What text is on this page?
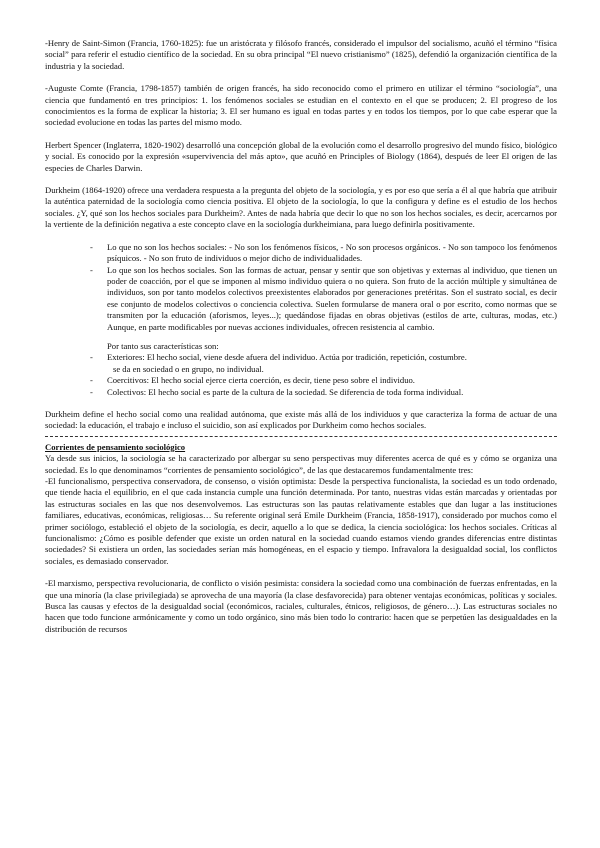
-Henry de Saint-Simon (Francia, 1760-1825): fue un aristócrata y filósofo francés, considerado el impulsor del socialismo, acuñó el término “física social” para referir el estudio científico de la sociedad. En su obra principal “El nuevo cristianismo” (1825), defendió la organización científica de la industria y la sociedad.

-Auguste Comte (Francia, 1798-1857) también de origen francés, ha sido reconocido como el primero en utilizar el término “sociología”, una ciencia que fundamentó en tres principios: 1. los fenómenos sociales se estudian en el contexto en el que se producen; 2. El progreso de los conocimientos es la forma de explicar la historia; 3. El ser humano es igual en todas partes y en todos los tiempos, por lo que cabe esperar que la sociedad evolucione en todas las partes del mismo modo.

Herbert Spencer (Inglaterra, 1820-1902) desarrolló una concepción global de la evolución como el desarrollo progresivo del mundo físico, biológico y social. Es conocido por la expresión «supervivencia del más apto», que acuñó en Principles of Biology (1864), después de leer El origen de las especies de Charles Darwin.

Durkheim (1864-1920) ofrece una verdadera respuesta a la pregunta del objeto de la sociología, y es por eso que sería a él al que habría que atribuir la auténtica paternidad de la sociología como ciencia positiva. El objeto de la sociología, lo que la configura y define es el estudio de los hechos sociales. ¿Y, qué son los hechos sociales para Durkheim?. Antes de nada habría que decir lo que no son los hechos sociales, es decir, acercarnos por la vertiente de la definición negativa a este concepto clave en la sociología durkheimiana, para luego definirla positivamente.

- Lo que no son los hechos sociales: - No son los fenómenos físicos, - No son procesos orgánicos. - No son tampoco los fenómenos psíquicos. - No son fruto de individuos o mejor dicho de individualidades.
- Lo que son los hechos sociales. Son las formas de actuar, pensar y sentir que son objetivas y externas al individuo, que tienen un poder de coacción, por el que se imponen al mismo individuo quiera o no quiera. Son fruto de la acción múltiple y simultánea de individuos, son por tanto modelos colectivos preexistentes elaborados por generaciones pretéritas. Son el sustrato social, es decir ese conjunto de modelos colectivos o conciencia colectiva. Suelen formularse de manera oral o por escrito, como normas que se transmiten por la educación (aforismos, leyes...); quedándose fijadas en obras objetivas (estilos de arte, culturas, modas, etc.) Aunque, en parte modificables por nuevas acciones individuales, ofrecen resistencia al cambio.

Por tanto sus características son:

- Exteriores: El hecho social, viene desde afuera del individuo. Actúa por tradición, repetición, costumbre.

se da en sociedad o en grupo, no individual.

- Coercitivos: El hecho social ejerce cierta coerción, es decir, tiene peso sobre el individuo.
- Colectivos: El hecho social es parte de la cultura de la sociedad. Se diferencia de toda forma individual.

Durkheim define el hecho social como una realidad autónoma, que existe más allá de los individuos y que caracteriza la forma de actuar de una sociedad: la educación, el trabajo e incluso el suicidio, son así explicados por Durkheim como hechos sociales.

Corrientes de pensamiento sociológico

Ya desde sus inicios, la sociología se ha caracterizado por albergar su seno perspectivas muy diferentes acerca de qué es y cómo se organiza una sociedad. Es lo que denominamos “corrientes de pensamiento sociológico”, de las que destacaremos fundamentalmente tres:

-El funcionalismo, perspectiva conservadora, de consenso, o visión optimista: Desde la perspectiva funcionalista, la sociedad es un todo ordenado, que tiende hacia el equilibrio, en el que cada instancia cumple una función determinada. Por tanto, nuestras vidas están marcadas y orientadas por las estructuras sociales en las que nos desenvolvemos. Las estructuras son las pautas relativamente estables que dan lugar a las instituciones familiares, educativas, económicas, religiosas… Su referente original será Emile Durkheim (Francia, 1858-1917), considerado por muchos como el primer sociólogo, estableció el objeto de la sociología, es decir, aquello a lo que se dedica, la ciencia sociológica: los hechos sociales. Críticas al funcionalismo: ¿Cómo es posible defender que existe un orden natural en la sociedad cuando estamos viendo grandes diferencias entre distintas sociedades? Si existiera un orden, las sociedades serían más homogéneas, en el espacio y tiempo. Infravalora la desigualdad social, los conflictos sociales, es demasiado conservador.

-El marxismo, perspectiva revolucionaria, de conflicto o visión pesimista: considera la sociedad como una combinación de fuerzas enfrentadas, en la que una minoría (la clase privilegiada) se aprovecha de una mayoría (la clase desfavorecida) para obtener ventajas económicas, políticas y sociales. Busca las causas y efectos de la desigualdad social (económicos, raciales, culturales, étnicos, religiosos, de género…). Las estructuras sociales no hacen que todo funcione armónicamente y como un todo orgánico, sino más bien todo lo contrario: hacen que se perpetúen las desigualdades en la distribución de recursos
